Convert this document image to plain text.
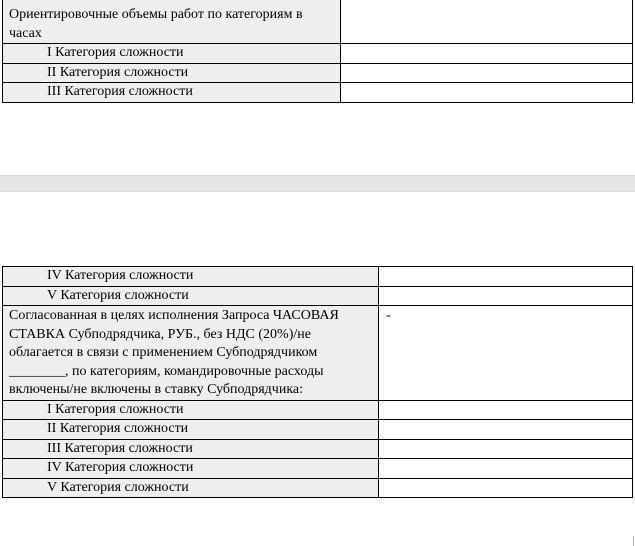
Ориентировочные объемы работ по категориям в часах	
I Категория сложности	
II Категория сложности	
III Категория сложности	
IV Категория сложности	
V Категория сложности	
Согласованная в целях исполнения Запроса ЧАСОВАЯ СТАВКА Субподрядчика, РУБ., без НДС (20%)/не облагается в связи с применением Субподрядчиком ________, по категориям, командировочные расходы включены/не включены в ставку Субподрядчика:	-
I Категория сложности	
II Категория сложности	
III Категория сложности	
IV Категория сложности	
V Категория сложности	
